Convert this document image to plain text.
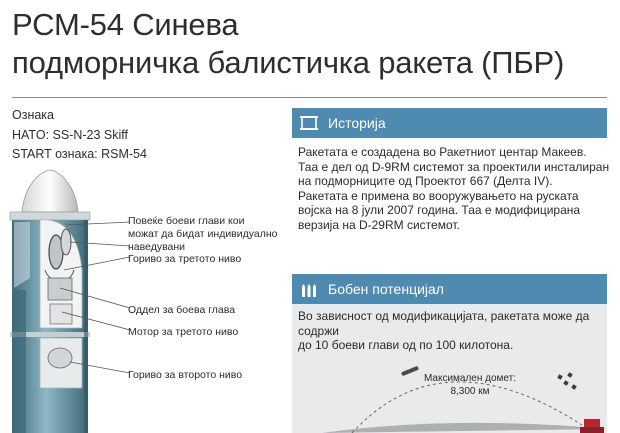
РСМ-54 Синева
подморничка балистичка ракета (ПБР)
Ознака
HATO: SS-N-23 Skiff
START ознака: RSM-54
Повеќе боеви глави кои
можат да бидат индивидуално
наведувани
Гориво за третото ниво
Оддел за боева глава
Мотор за третото ниво
Гориво за второто ниво
Историја
Ракетата е создадена во Ракетниот центар Макеев.
Таа е дел од D-9RM системот за проектили инсталиран
на подморниците од Проектот 667 (Делта IV).
Ракетата е примена во вооружувањето на руската
војска на 8 јули 2007 година. Таа е модифицирана
верзија на D-29RM системот.
Бобен потенцијал
Во зависност од модификацијата, ракетата може да содржи
до 10 боеви глави од по 100 килотона.
Максимален домет:
8,300 км
